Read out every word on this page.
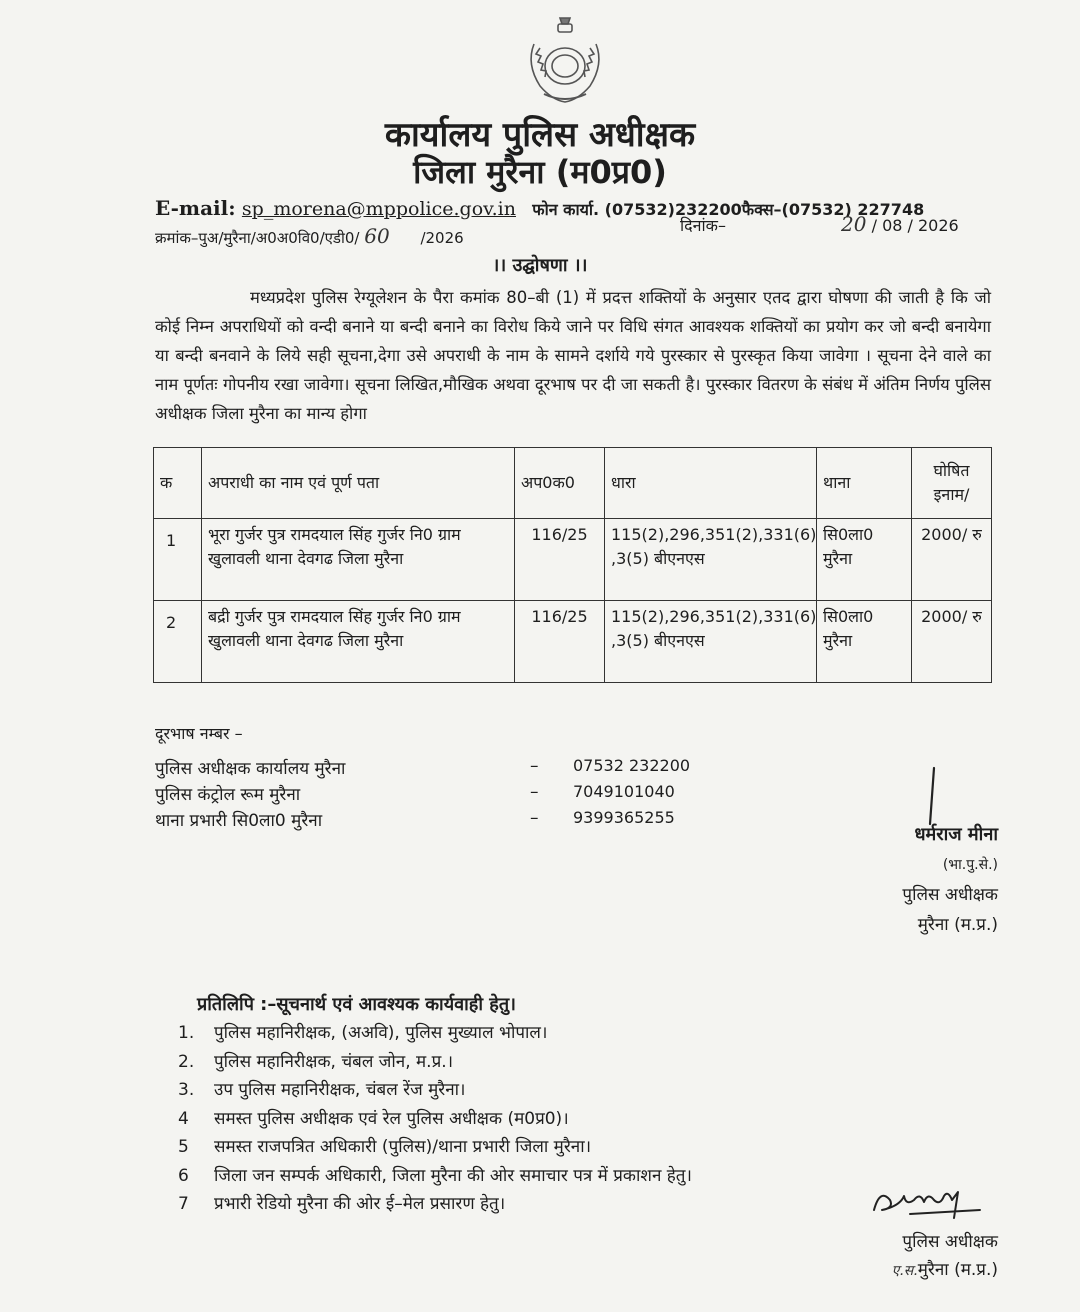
कार्यालय पुलिस अधीक्षक
जिला मुरैना (म0प्र0)
E-mail: sp_morena@mppolice.gov.in फोन कार्या. (07532)232200फैक्स–(07532) 227748
क्रमांक–पुअ/मुरैना/अ0अ0वि0/एडी0/ 60 /2026
दिनांक–	20 / 08 / 2026
।। उद्घोषणा ।।
मध्यप्रदेश पुलिस रेग्यूलेशन के पैरा कमांक 80–बी (1) में प्रदत्त शक्तियों के अनुसार एतद द्वारा घोषणा की जाती है कि जो कोई निम्न अपराधियों को वन्दी बनाने या बन्दी बनाने का विरोध किये जाने पर विधि संगत आवश्यक शक्तियों का प्रयोग कर जो बन्दी बनायेगा या बन्दी बनवाने के लिये सही सूचना,देगा उसे अपराधी के नाम के सामने दर्शाये गये पुरस्कार से पुरस्कृत किया जावेगा । सूचना देने वाले का नाम पूर्णतः गोपनीय रखा जावेगा। सूचना लिखित,मौखिक अथवा दूरभाष पर दी जा सकती है। पुरस्कार वितरण के संबंध में अंतिम निर्णय पुलिस अधीक्षक जिला मुरैना का मान्य होगा
क	अपराधी का नाम एवं पूर्ण पता	अप0क0	धारा	थाना	घोषित इनाम/
1	भूरा गुर्जर पुत्र रामदयाल सिंह गुर्जर नि0 ग्राम खुलावली थाना देवगढ जिला मुरैना	116/25	115(2),296,351(2),331(6) ,3(5) बीएनएस	सि0ला0 मुरैना	2000/ रु
2	बद्री गुर्जर पुत्र रामदयाल सिंह गुर्जर नि0 ग्राम खुलावली थाना देवगढ जिला मुरैना	116/25	115(2),296,351(2),331(6) ,3(5) बीएनएस	सि0ला0 मुरैना	2000/ रु
दूरभाष नम्बर –
पुलिस अधीक्षक कार्यालय मुरैना	– 07532 232200
पुलिस कंट्रोल रूम मुरैना	– 7049101040
थाना प्रभारी सि0ला0 मुरैना	– 9399365255
धर्मराज मीना
(भा.पु.से.)
पुलिस अधीक्षक
मुरैना (म.प्र.)
प्रतिलिपि :–सूचनार्थ एवं आवश्यक कार्यवाही हेतु।
1. पुलिस महानिरीक्षक, (अअवि), पुलिस मुख्याल भोपाल।
2. पुलिस महानिरीक्षक, चंबल जोन, म.प्र.।
3. उप पुलिस महानिरीक्षक, चंबल रेंज मुरैना।
4 समस्त पुलिस अधीक्षक एवं रेल पुलिस अधीक्षक (म0प्र0)।
5 समस्त राजपत्रित अधिकारी (पुलिस)/थाना प्रभारी जिला मुरैना।
6 जिला जन सम्पर्क अधिकारी, जिला मुरैना की ओर समाचार पत्र में प्रकाशन हेतु।
7 प्रभारी रेडियो मुरैना की ओर ई–मेल प्रसारण हेतु।
पुलिस अधीक्षक
ए.स.मुरैना (म.प्र.)
